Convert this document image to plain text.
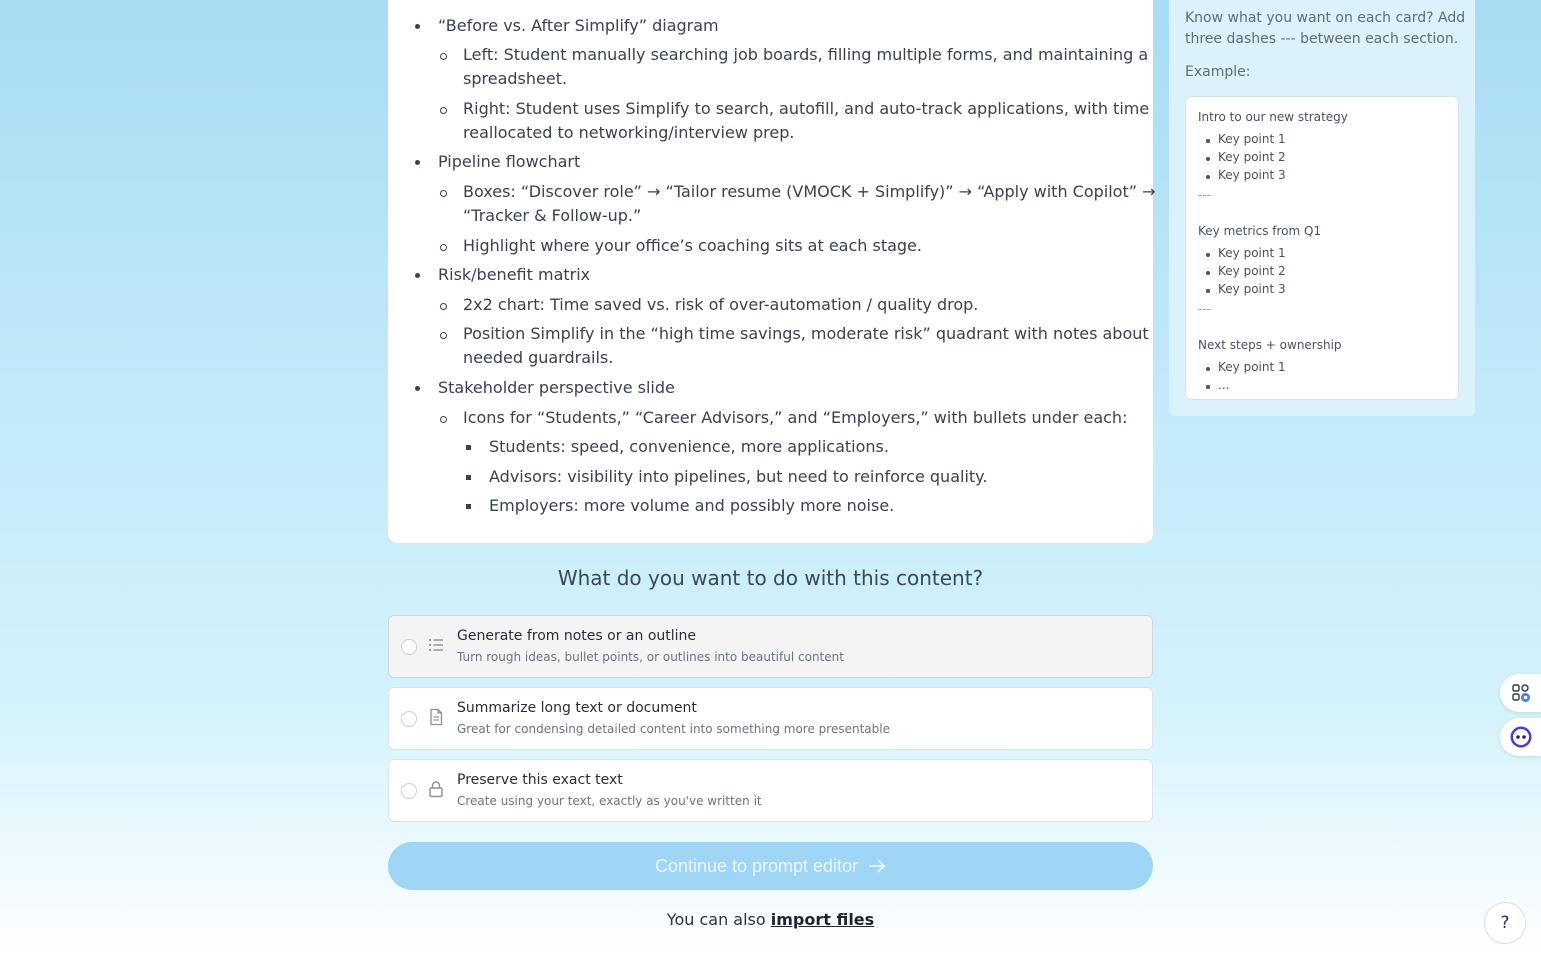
“Before vs. After Simplify” diagram
Left: Student manually searching job boards, filling multiple forms, and maintaining a
spreadsheet.
Right: Student uses Simplify to search, autofill, and auto-track applications, with time
reallocated to networking/interview prep.
Pipeline flowchart
Boxes: “Discover role” → “Tailor resume (VMOCK + Simplify)” → “Apply with Copilot” →
“Tracker & Follow-up.”
Highlight where your office’s coaching sits at each stage.
Risk/benefit matrix
2x2 chart: Time saved vs. risk of over-automation / quality drop.
Position Simplify in the “high time savings, moderate risk” quadrant with notes about
needed guardrails.
Stakeholder perspective slide
Icons for “Students,” “Career Advisors,” and “Employers,” with bullets under each:
Students: speed, convenience, more applications.
Advisors: visibility into pipelines, but need to reinforce quality.
Employers: more volume and possibly more noise.
Know what you want on each card? Add
three dashes --- between each section.
Example:
Intro to our new strategy
Key point 1
Key point 2
Key point 3
---
Key metrics from Q1
Key point 1
Key point 2
Key point 3
---
Next steps + ownership
Key point 1
...
What do you want to do with this content?
Generate from notes or an outline
Turn rough ideas, bullet points, or outlines into beautiful content
Summarize long text or document
Great for condensing detailed content into something more presentable
Preserve this exact text
Create using your text, exactly as you've written it
Continue to prompt editor
You can also import files	?
